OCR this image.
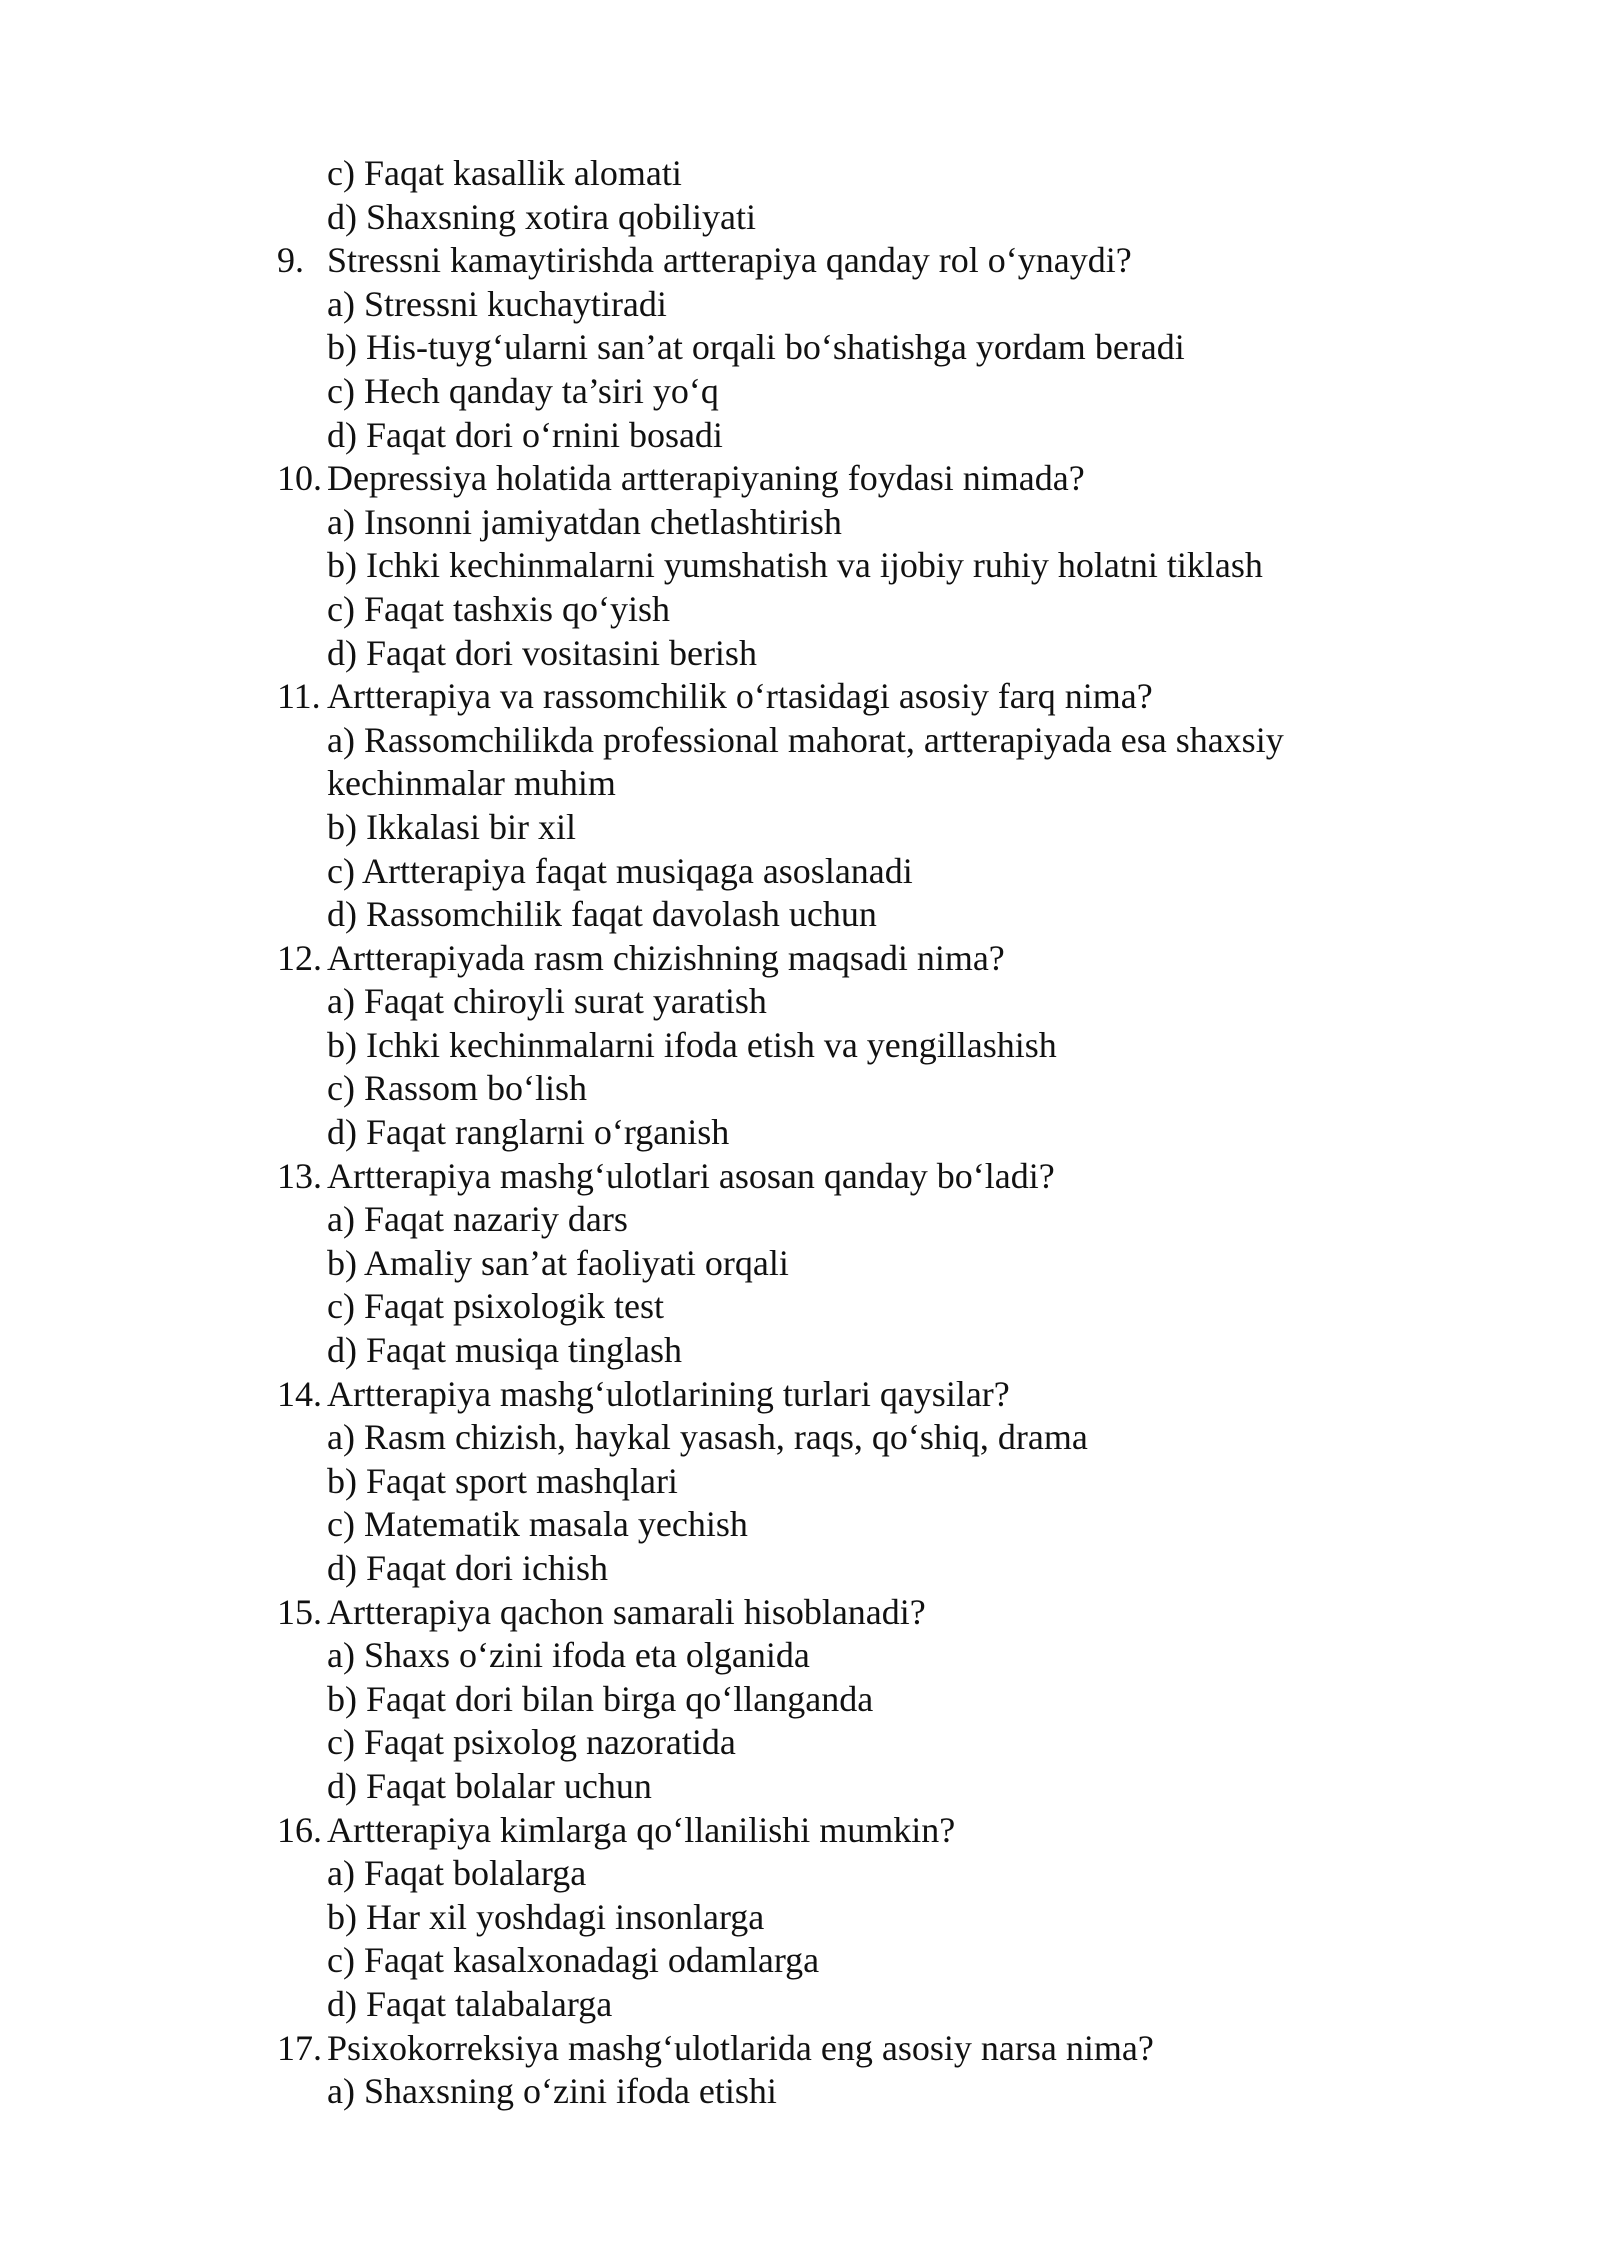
c) Faqat kasallik alomati
d) Shaxsning xotira qobiliyati
9. Stressni kamaytirishda artterapiya qanday rol o‘ynaydi?
a) Stressni kuchaytiradi
b) His-tuyg‘ularni san’at orqali bo‘shatishga yordam beradi
c) Hech qanday ta’siri yo‘q
d) Faqat dori o‘rnini bosadi
10. Depressiya holatida artterapiyaning foydasi nimada?
a) Insonni jamiyatdan chetlashtirish
b) Ichki kechinmalarni yumshatish va ijobiy ruhiy holatni tiklash
c) Faqat tashxis qo‘yish
d) Faqat dori vositasini berish
11. Artterapiya va rassomchilik o‘rtasidagi asosiy farq nima?
a) Rassomchilikda professional mahorat, artterapiyada esa shaxsiy kechinmalar muhim
b) Ikkalasi bir xil
c) Artterapiya faqat musiqaga asoslanadi
d) Rassomchilik faqat davolash uchun
12. Artterapiyada rasm chizishning maqsadi nima?
a) Faqat chiroyli surat yaratish
b) Ichki kechinmalarni ifoda etish va yengillashish
c) Rassom bo‘lish
d) Faqat ranglarni o‘rganish
13. Artterapiya mashg‘ulotlari asosan qanday bo‘ladi?
a) Faqat nazariy dars
b) Amaliy san’at faoliyati orqali
c) Faqat psixologik test
d) Faqat musiqa tinglash
14. Artterapiya mashg‘ulotlarining turlari qaysilar?
a) Rasm chizish, haykal yasash, raqs, qo‘shiq, drama
b) Faqat sport mashqlari
c) Matematik masala yechish
d) Faqat dori ichish
15. Artterapiya qachon samarali hisoblanadi?
a) Shaxs o‘zini ifoda eta olganida
b) Faqat dori bilan birga qo‘llanganda
c) Faqat psixolog nazoratida
d) Faqat bolalar uchun
16. Artterapiya kimlarga qo‘llanilishi mumkin?
a) Faqat bolalarga
b) Har xil yoshdagi insonlarga
c) Faqat kasalxonadagi odamlarga
d) Faqat talabalarga
17. Psixokorreksiya mashg‘ulotlarida eng asosiy narsa nima?
a) Shaxsning o‘zini ifoda etishi
